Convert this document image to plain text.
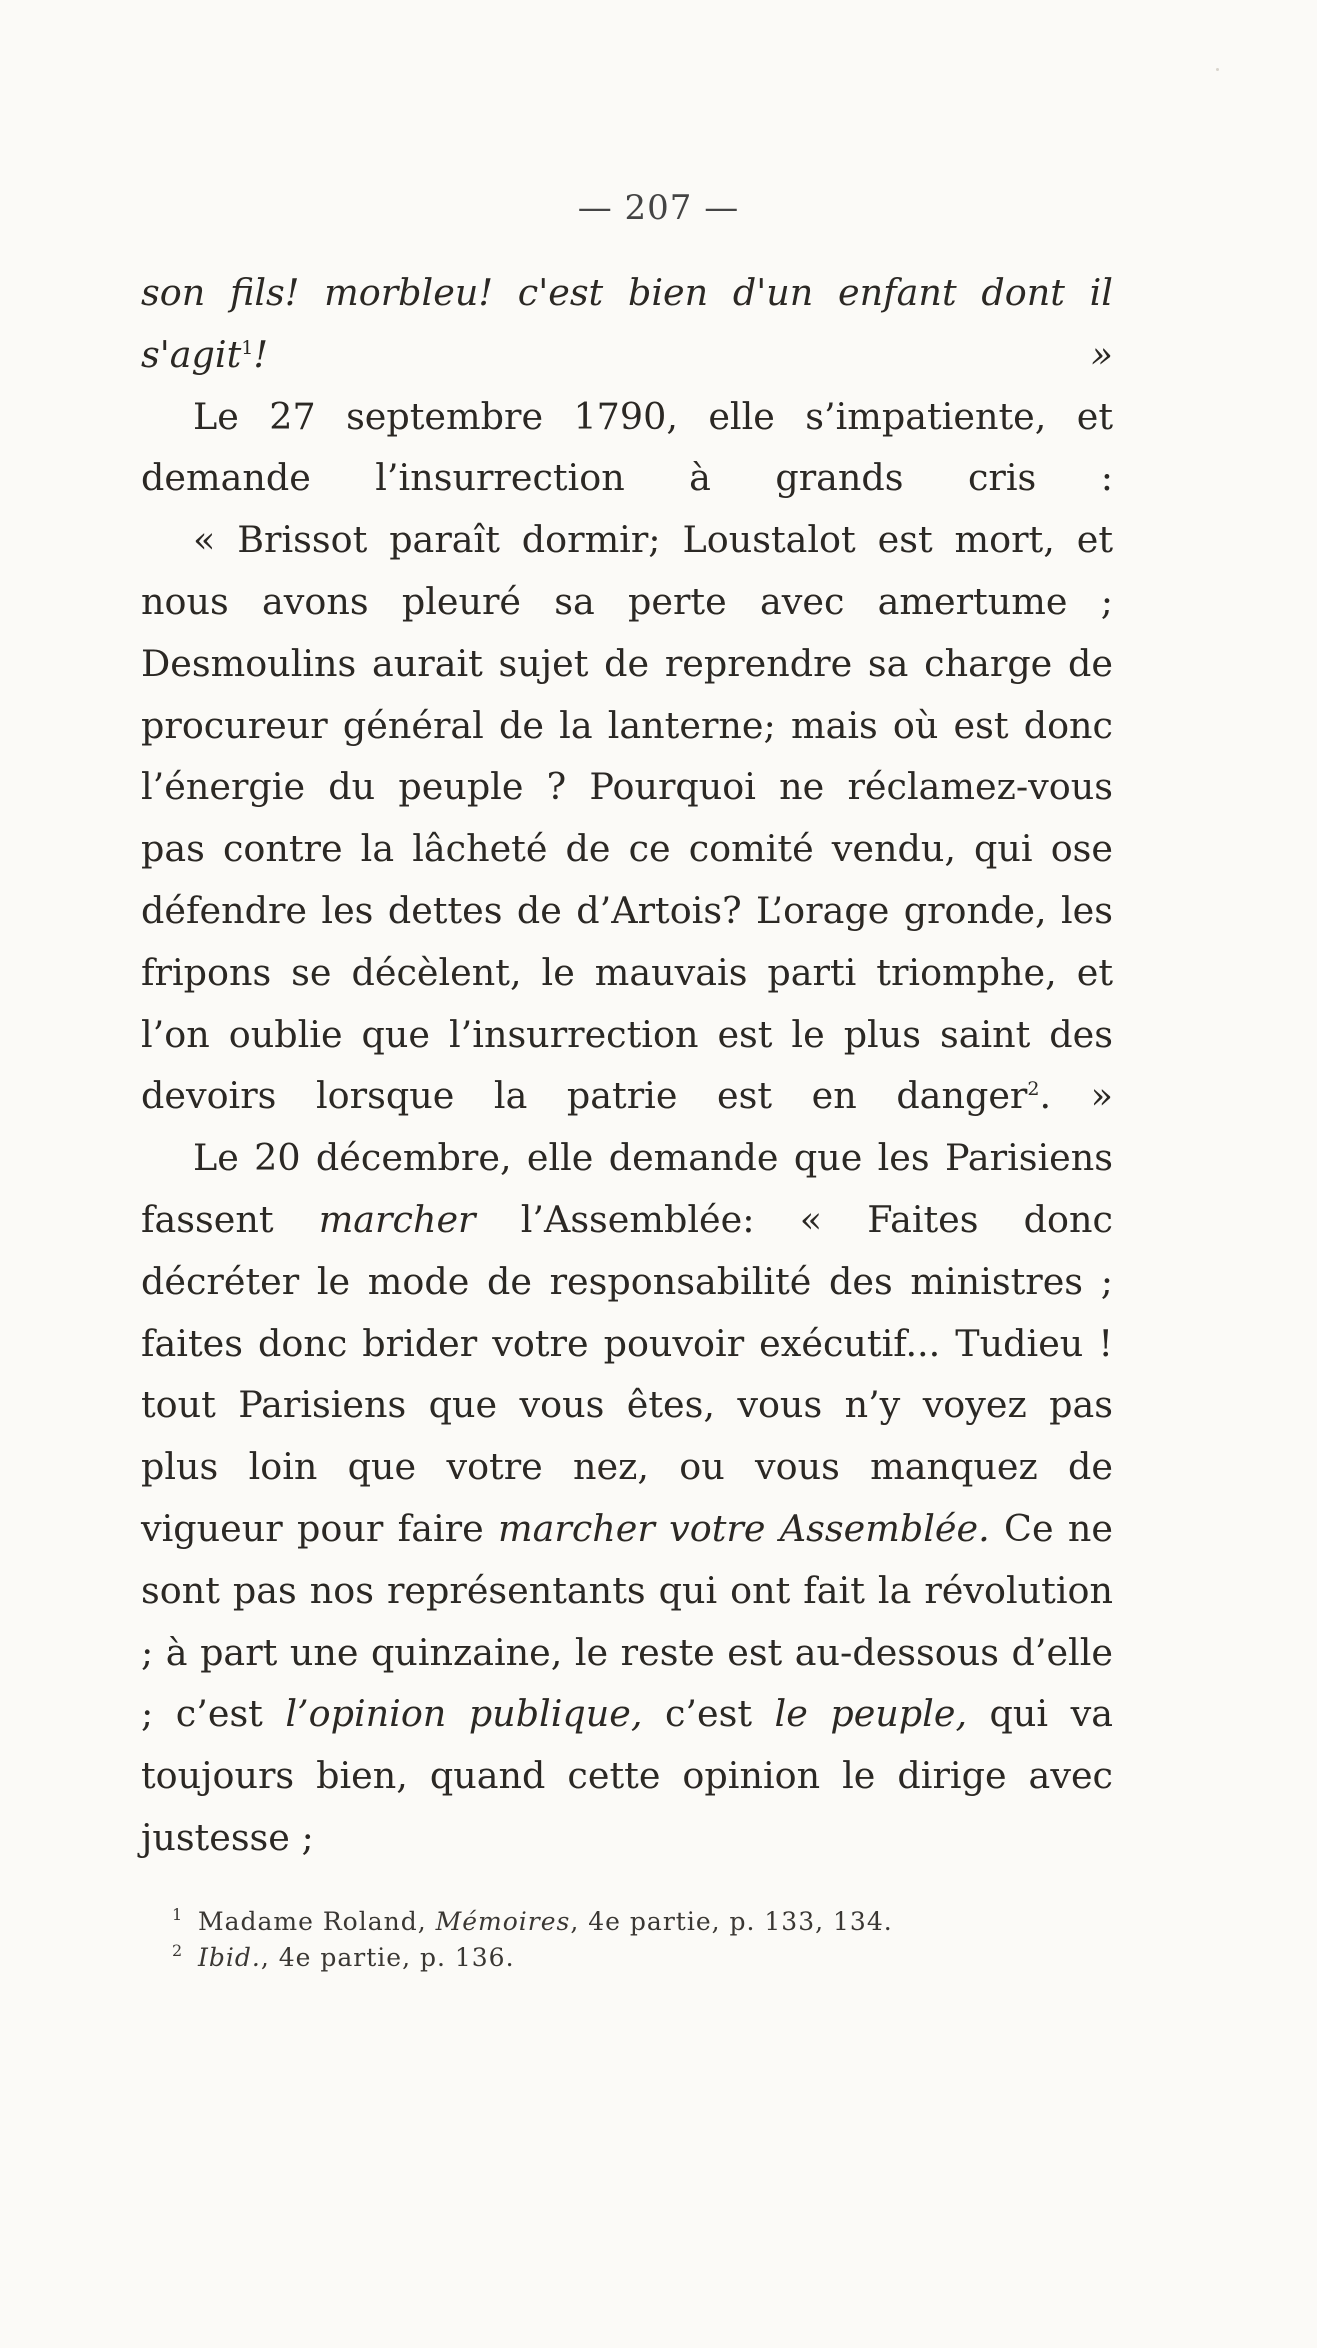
— 207 —

son fils! morbleu! c'est bien d'un enfant dont il s'agit$^1$! »

Le 27 septembre 1790, elle s’impatiente, et demande l’insurrection à grands cris :

« Brissot paraît dormir; Loustalot est mort, et nous avons pleuré sa perte avec amertume ; Desmoulins aurait sujet de reprendre sa charge de procureur général de la lanterne; mais où est donc l’énergie du peuple ? Pourquoi ne réclamez-vous pas contre la lâcheté de ce comité vendu, qui ose défendre les dettes de d’Artois? L’orage gronde, les fripons se décèlent, le mauvais parti triomphe, et l’on oublie que l’insurrection est le plus saint des devoirs lorsque la patrie est en danger$^2$. »

Le 20 décembre, elle demande que les Parisiens fassent marcher l’Assemblée: « Faites donc décréter le mode de responsabilité des ministres ; faites donc brider votre pouvoir exécutif... Tudieu ! tout Parisiens que vous êtes, vous n’y voyez pas plus loin que votre nez, ou vous manquez de vigueur pour faire marcher votre Assemblée. Ce ne sont pas nos représentants qui ont fait la révolution ; à part une quinzaine, le reste est au-dessous d’elle ; c’est l’opinion publique, c’est le peuple, qui va toujours bien, quand cette opinion le dirige avec justesse ;

1 Madame Roland, Mémoires, 4e partie, p. 133, 134.
2 Ibid., 4e partie, p. 136.
